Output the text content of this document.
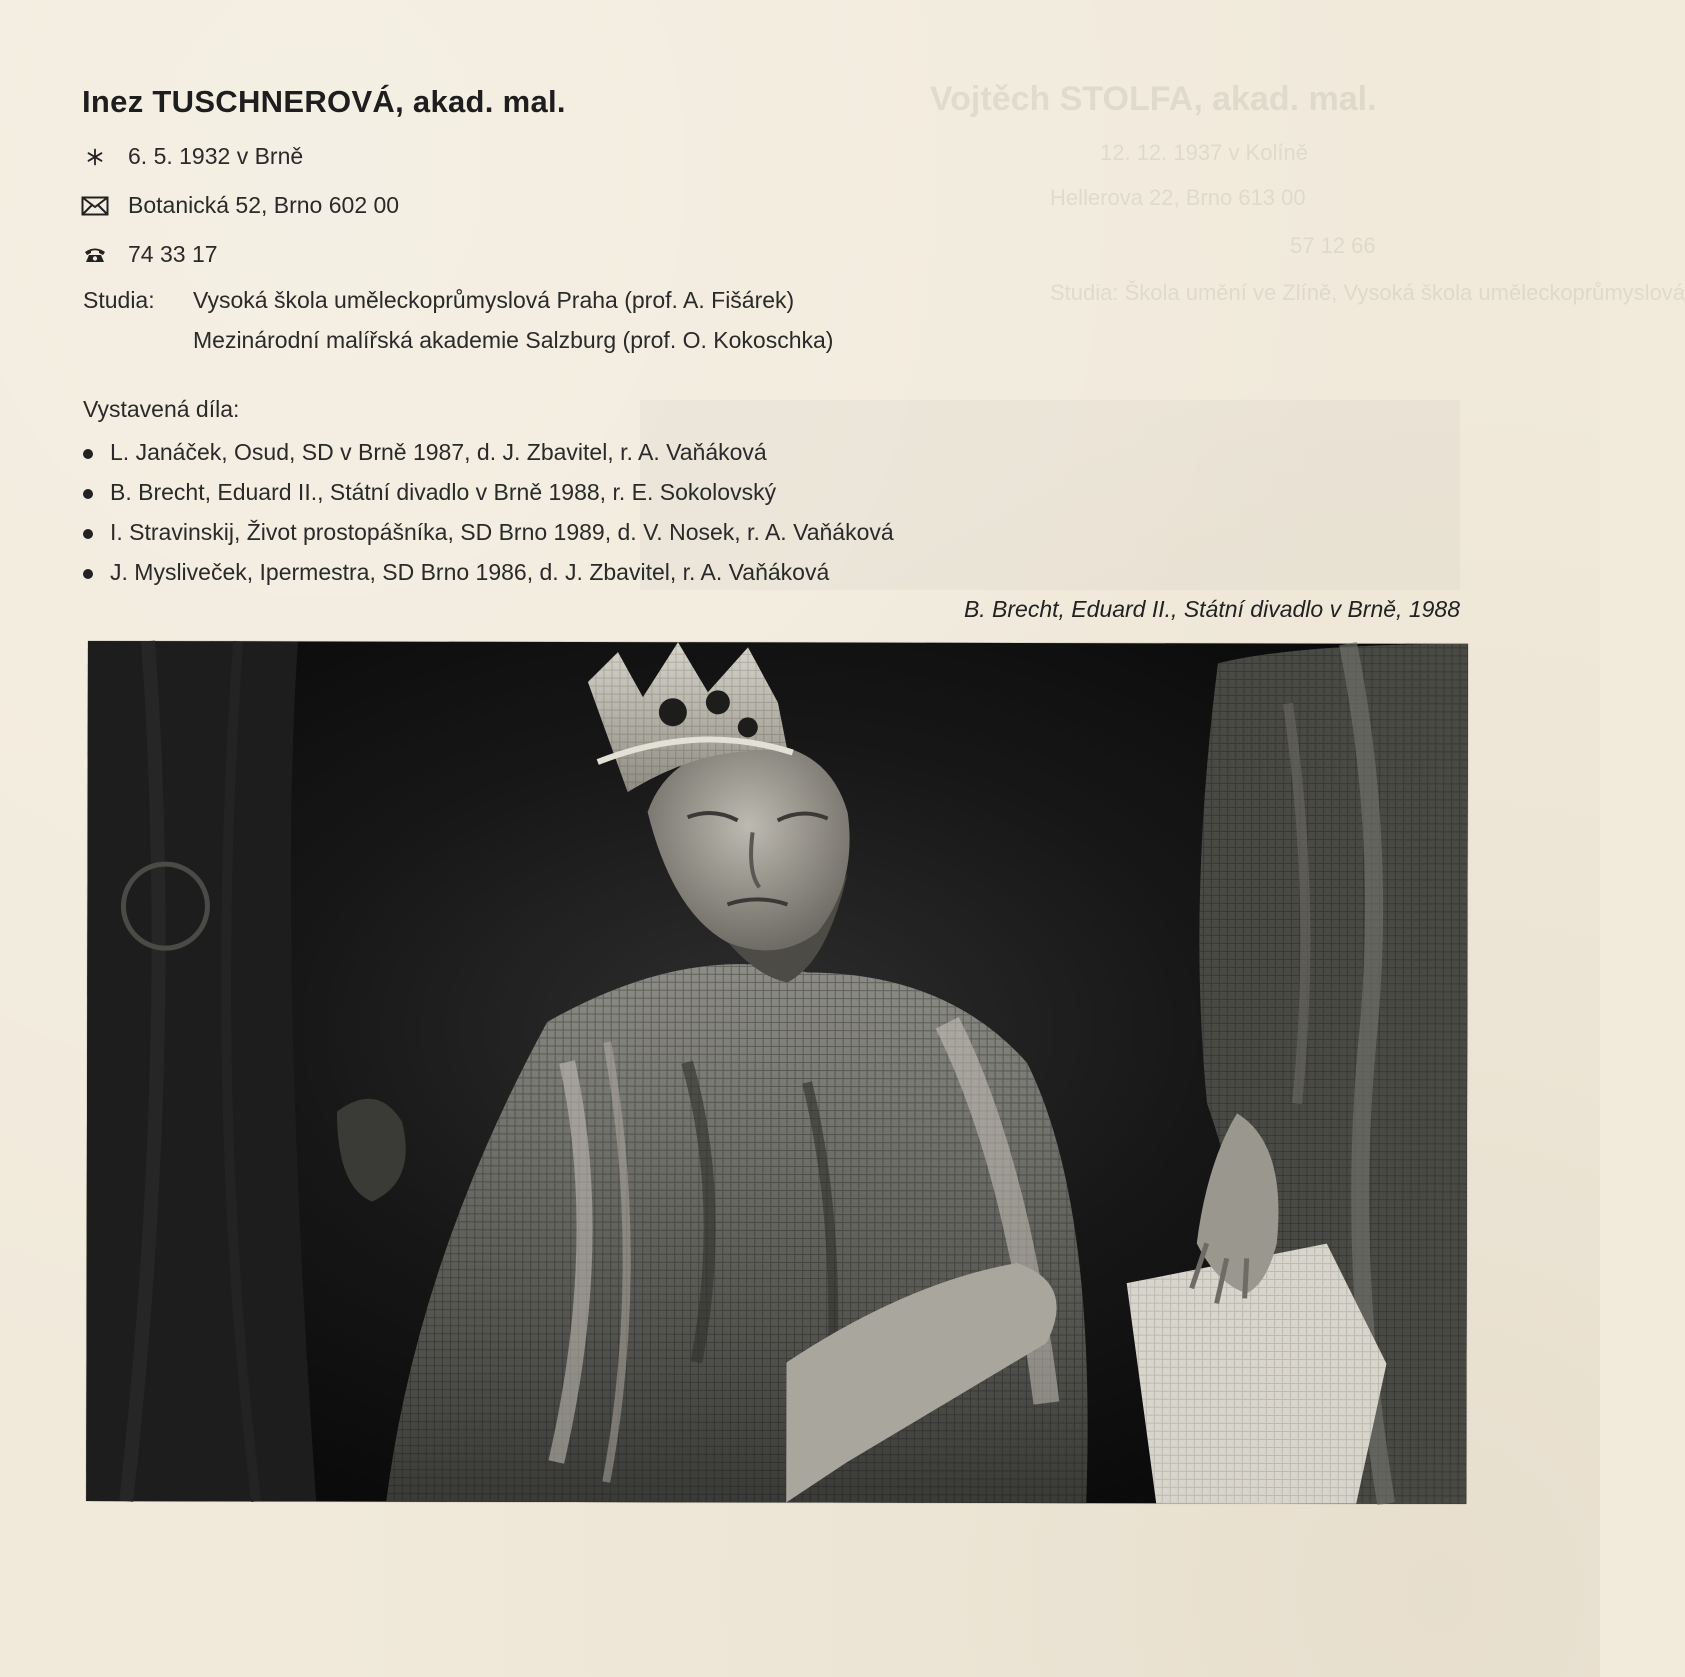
Vojtěch STOLFA, akad. mal.
12. 12. 1937 v Kolíně
Hellerova 22, Brno 613 00
57 12 66
Studia: Škola umění ve Zlíně, Vysoká škola uměleckoprůmyslová
Inez TUSCHNEROVÁ, akad. mal.
6. 5. 1932 v Brně
Botanická 52, Brno 602 00
74 33 17
Studia: Vysoká škola uměleckoprůmyslová Praha (prof. A. Fišárek)
Mezinárodní malířská akademie Salzburg (prof. O. Kokoschka)
Vystavená díla:
L. Janáček, Osud, SD v Brně 1987, d. J. Zbavitel, r. A. Vaňáková
B. Brecht, Eduard II., Státní divadlo v Brně 1988, r. E. Sokolovský
I. Stravinskij, Život prostopášníka, SD Brno 1989, d. V. Nosek, r. A. Vaňáková
J. Mysliveček, Ipermestra, SD Brno 1986, d. J. Zbavitel, r. A. Vaňáková
B. Brecht, Eduard II., Státní divadlo v Brně, 1988
